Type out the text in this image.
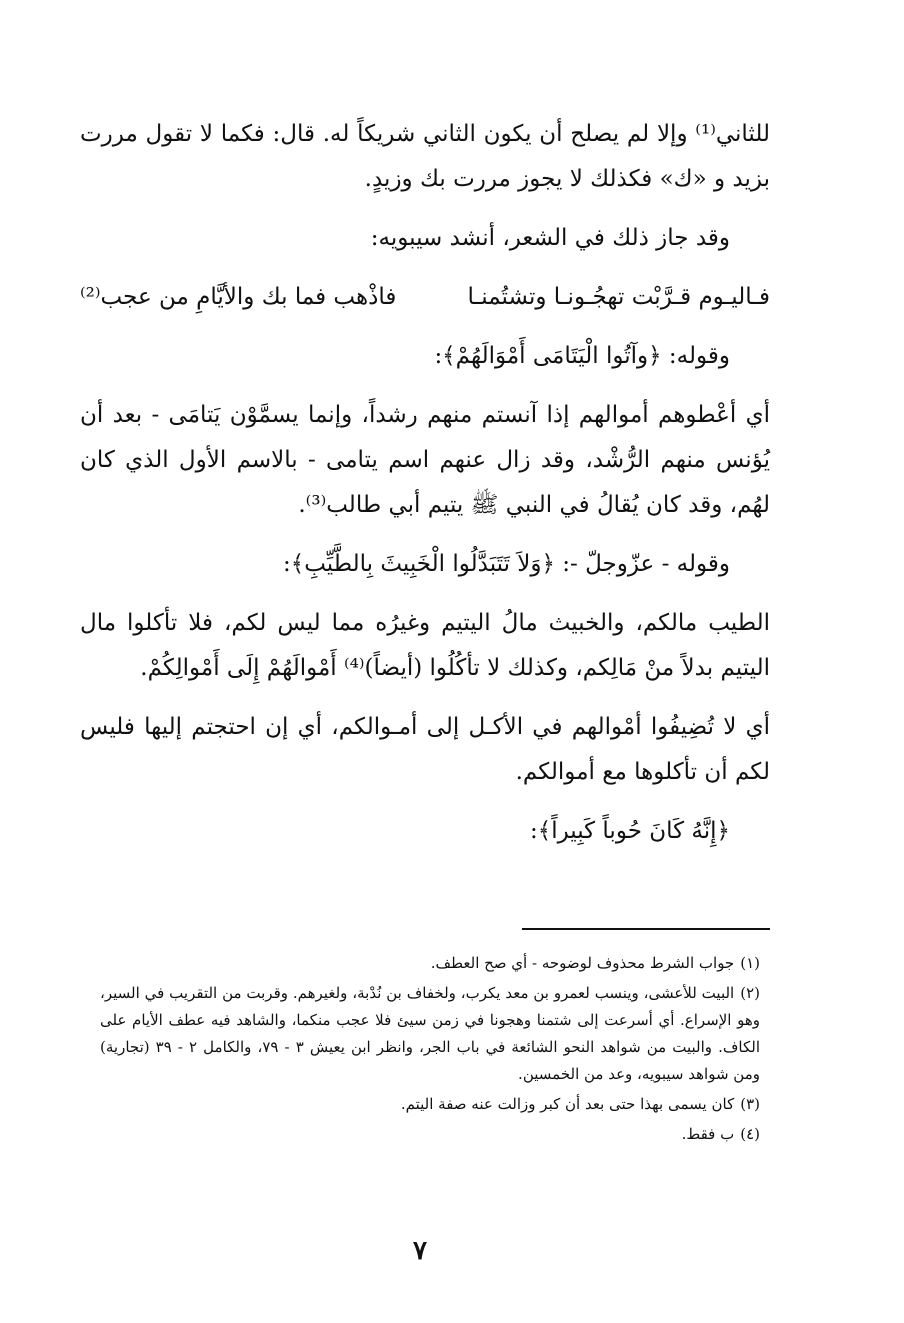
للثاني⁽¹⁾ وإلا لم يصلح أن يكون الثاني شريكاً له. قال: فكما لا تقول مررت بزيد و «ك» فكذلك لا يجوز مررت بك وزيدٍ.

وقد جاز ذلك في الشعر، أنشد سيبويه:

فـاليـوم قـرَّبْت تهجُـونـا وتشتُمنـا
فاذْهب فما بك والأيَّامِ من عجب⁽²⁾

وقوله: ﴿وآتُوا الْيَتَامَى أَمْوَالَهُمْ﴾:

أي أعْطوهم أموالهم إذا آنستم منهم رشداً، وإنما يسمَّوْن يَتامَى - بعد أن يُؤنس منهم الرُّشْد، وقد زال عنهم اسم يتامى - بالاسم الأول الذي كان لهُم، وقد كان يُقالُ في النبي ﷺ يتيم أبي طالب⁽³⁾.

وقوله - عزّوجلّ -: ﴿وَلاَ تَتَبَدَّلُوا الْخَبِيثَ بِالطَّيِّبِ﴾:

الطيب مالكم، والخبيث مالُ اليتيم وغيرُه مما ليس لكم، فلا تأكلوا مال اليتيم بدلاً منْ مَالِكم، وكذلك لا تأكُلُوا (أيضاً)⁽⁴⁾ أَمْوالَهُمْ إِلَى أَمْوالِكُمْ.

أي لا تُضِيفُوا أمْوالهم في الأكـل إلى أمـوالكم، أي إن احتجتم إليها فليس لكم أن تأكلوها مع أموالكم.

﴿إِنَّهُ كَانَ حُوباً كَبِيراً﴾:

(١)جواب الشرط محذوف لوضوحه - أي صح العطف.

(٢)البيت للأعشى، وينسب لعمرو بن معد يكرب، ولخفاف بن نُدْبة، ولغيرهم. وقربت من التقريب في السير، وهو الإسراع. أي أسرعت إلى شتمنا وهجونا في زمن سيئ فلا عجب منكما، والشاهد فيه عطف الأيام على الكاف. والبيت من شواهد النحو الشائعة في باب الجر، وانظر ابن يعيش ٣ - ٧٩، والكامل ٢ - ٣٩ (تجارية) ومن شواهد سيبويه، وعد من الخمسين.

(٣)كان يسمى بهذا حتى بعد أن كبر وزالت عنه صفة اليتم.

(٤)ب فقط.

٧
